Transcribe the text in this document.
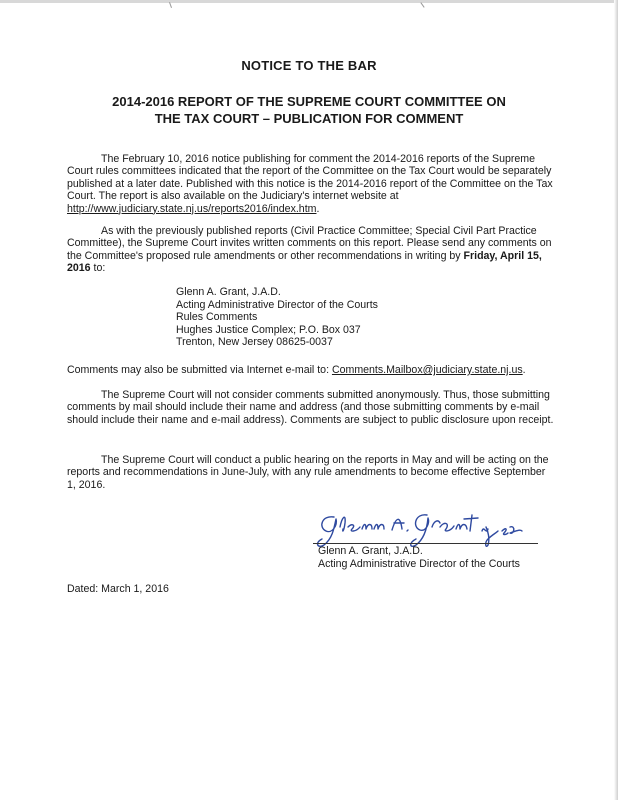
NOTICE TO THE BAR
2014-2016 REPORT OF THE SUPREME COURT COMMITTEE ON
THE TAX COURT – PUBLICATION FOR COMMENT

The February 10, 2016 notice publishing for comment the 2014-2016 reports of the Supreme Court rules committees indicated that the report of the Committee on the Tax Court would be separately published at a later date. Published with this notice is the 2014-2016 report of the Committee on the Tax Court. The report is also available on the Judiciary's internet website at http://www.judiciary.state.nj.us/reports2016/index.htm.

As with the previously published reports (Civil Practice Committee; Special Civil Part Practice Committee), the Supreme Court invites written comments on this report. Please send any comments on the Committee's proposed rule amendments or other recommendations in writing by Friday, April 15, 2016 to:

Glenn A. Grant, J.A.D.
Acting Administrative Director of the Courts
Rules Comments
Hughes Justice Complex; P.O. Box 037
Trenton, New Jersey 08625-0037
Comments may also be submitted via Internet e-mail to: Comments.Mailbox@judiciary.state.nj.us.

The Supreme Court will not consider comments submitted anonymously. Thus, those submitting comments by mail should include their name and address (and those submitting comments by e-mail should include their name and e-mail address). Comments are subject to public disclosure upon receipt.

The Supreme Court will conduct a public hearing on the reports in May and will be acting on the reports and recommendations in June-July, with any rule amendments to become effective September 1, 2016.

Glenn A. Grant, J.A.D.
Acting Administrative Director of the Courts
Dated: March 1, 2016
